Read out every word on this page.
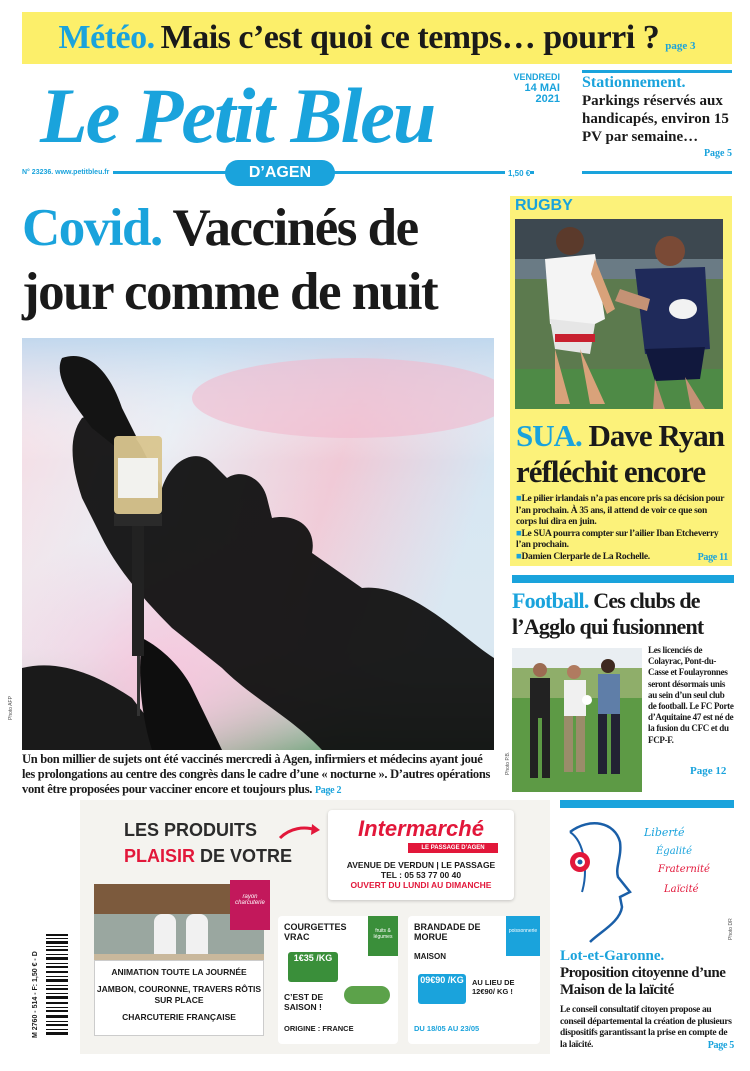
Météo. Mais c’est quoi ce temps… pourri ? page 3
Le Petit Bleu	VENDREDI
14 MAI 2021
N° 23236. www.petitbleu.fr	1,50 €
D’AGEN
Stationnement.
Parkings réservés aux handicapés, environ 15 PV par semaine…
Page 5
Covid. Vaccinés de
jour comme de nuit
Photo AFP
Un bon millier de sujets ont été vaccinés mercredi à Agen, infirmiers et médecins ayant joué les prolongations au centre des congrès dans le cadre d’une « nocturne ». D’autres opérations vont être proposées pour vacciner encore et toujours plus. Page 2
RUGBY
SUA. Dave Ryan réfléchit encore
■Le pilier irlandais n’a pas encore pris sa décision pour l’an prochain. À 35 ans, il attend de voir ce que son corps lui dira en juin.
■Le SUA pourra compter sur l’ailier Iban Etcheverry l’an prochain.
■Damien Clerparle de La Rochelle.	Page 11
Football. Ces clubs de l’Agglo qui fusionnent
Les licenciés de Colayrac, Pont-du-Casse et Foulayronnes seront désormais unis au sein d’un seul club de football. Le FC Porte d’Aquitaine 47 est né de la fusion du CFC et du FCP-F.
Page 12
Photo P.B.
LES PRODUITS
PLAISIR DE VOTRE
Intermarché
LE PASSAGE D’AGEN
AVENUE DE VERDUN | LE PASSAGE
TEL : 05 53 77 00 40
OUVERT DU LUNDI AU DIMANCHE
rayon charcuterie
ANIMATION TOUTE LA JOURNÉE
JAMBON, COURONNE, TRAVERS RÔTIS SUR PLACE
CHARCUTERIE FRANÇAISE
COURGETTES VRAC
fruits & légumes
1€35 /KG
C’EST DE SAISON !
ORIGINE : FRANCE
BRANDADE DE MORUE
poissonnerie
MAISON
09€90 /KG AU LIEU DE 12€90/ KG !
DU 18/05 AU 23/05
M 2760 - 514 - F: 1,50 € - D
Liberté
Égalité
Fraternité
Laïcité
Photo DR
Lot-et-Garonne.
Proposition citoyenne d’une Maison de la laïcité
Le conseil consultatif citoyen propose au conseil départemental la création de plusieurs dispositifs garantissant la prise en compte de la laïcité.	Page 5
